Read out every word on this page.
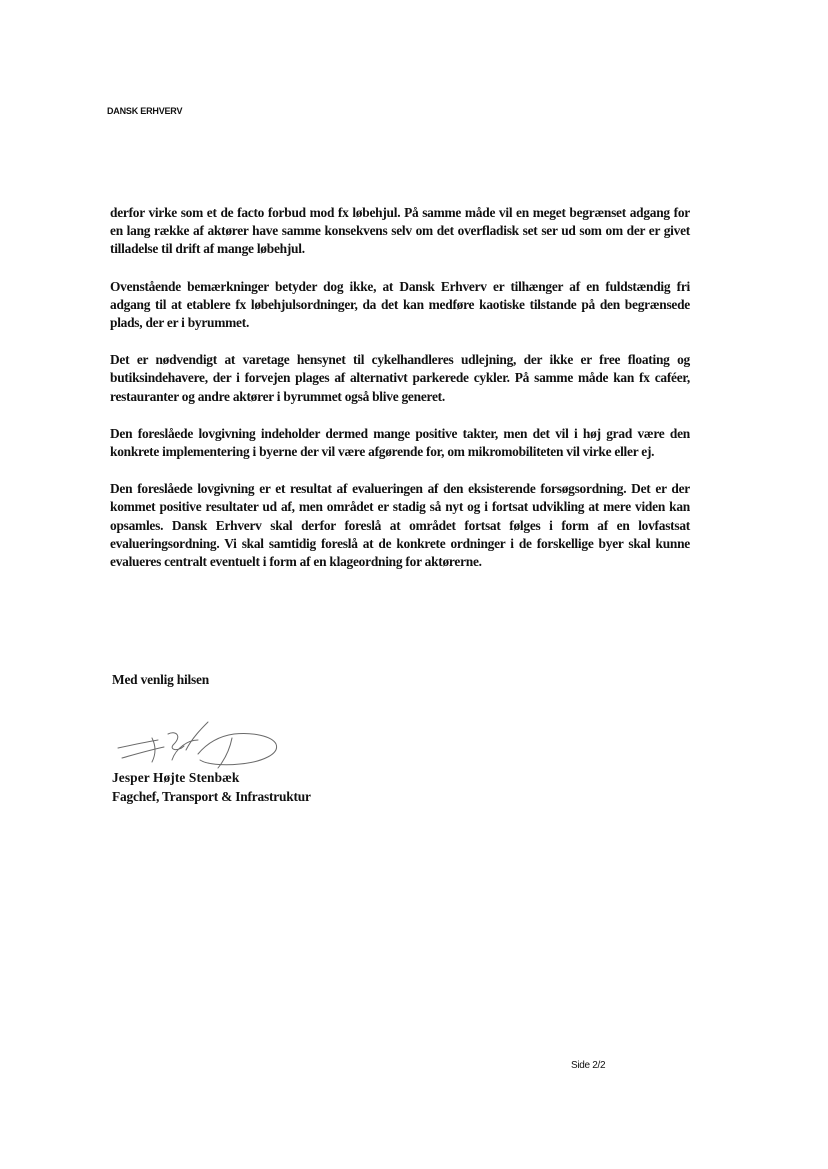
DANSK ERHVERV

derfor virke som et de facto forbud mod fx løbehjul. På samme måde vil en meget begrænset adgang for en lang række af aktører have samme konsekvens selv om det overfladisk set ser ud som om der er givet tilladelse til drift af mange løbehjul.

Ovenstående bemærkninger betyder dog ikke, at Dansk Erhverv er tilhænger af en fuldstændig fri adgang til at etablere fx løbehjulsordninger, da det kan medføre kaotiske tilstande på den begrænsede plads, der er i byrummet.

Det er nødvendigt at varetage hensynet til cykelhandleres udlejning, der ikke er free floating og butiksindehavere, der i forvejen plages af alternativt parkerede cykler. På samme måde kan fx caféer, restauranter og andre aktører i byrummet også blive generet.

Den foreslåede lovgivning indeholder dermed mange positive takter, men det vil i høj grad være den konkrete implementering i byerne der vil være afgørende for, om mikromobiliteten vil virke eller ej.

Den foreslåede lovgivning er et resultat af evalueringen af den eksisterende forsøgsordning. Det er der kommet positive resultater ud af, men området er stadig så nyt og i fortsat udvikling at mere viden kan opsamles. Dansk Erhverv skal derfor foreslå at området fortsat følges i form af en lovfastsat evalueringsordning. Vi skal samtidig foreslå at de konkrete ordninger i de forskellige byer skal kunne evalueres centralt eventuelt i form af en klageordning for aktørerne.

Med venlig hilsen
Jesper Højte Stenbæk
Fagchef, Transport & Infrastruktur
Side 2/2
